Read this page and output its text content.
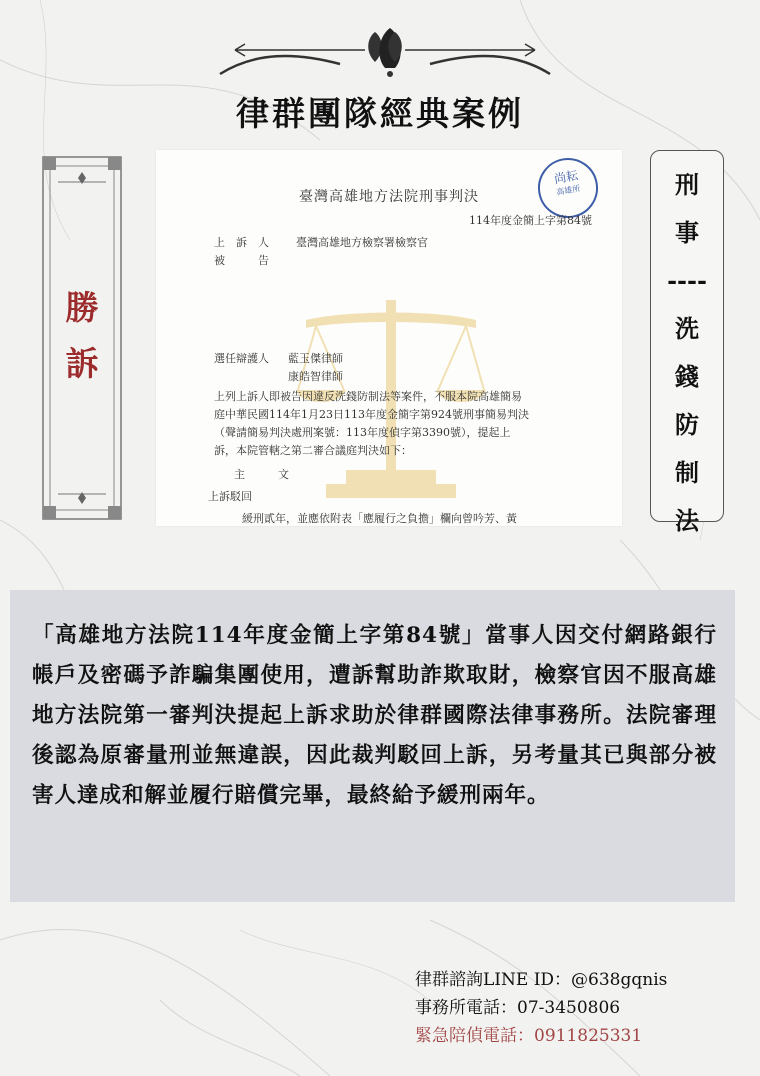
律群團隊經典案例
勝
訴
尚耘
高雄所
臺灣高雄地方法院刑事判決
114年度金簡上字第84號
上　訴　人 臺灣高雄地方檢察署檢察官
被　　　告
選任辯護人 藍玉傑律師
康皓智律師
上列上訴人即被告因違反洗錢防制法等案件，不服本院高雄簡易
庭中華民國114年1月23日113年度金簡字第924號刑事簡易判決
（聲請簡易判決處刑案號：113年度偵字第3390號），提起上
訴，本院管轄之第二審合議庭判決如下：
主　　　文
上訴駁回
緩刑貳年，並應依附表「應履行之負擔」欄向曾吟芳、黃
刑
事
----
洗
錢
防
制
法

「高雄地方法院114年度金簡上字第84號」當事人因交付網路銀行帳戶及密碼予詐騙集團使用，遭訴幫助詐欺取財，檢察官因不服高雄地方法院第一審判決提起上訴求助於律群國際法律事務所。法院審理後認為原審量刑並無違誤，因此裁判駁回上訴，另考量其已與部分被害人達成和解並履行賠償完畢，最終給予緩刑兩年。

律群諮詢LINE ID：@638gqnis
事務所電話：07-3450806
緊急陪偵電話：0911825331
